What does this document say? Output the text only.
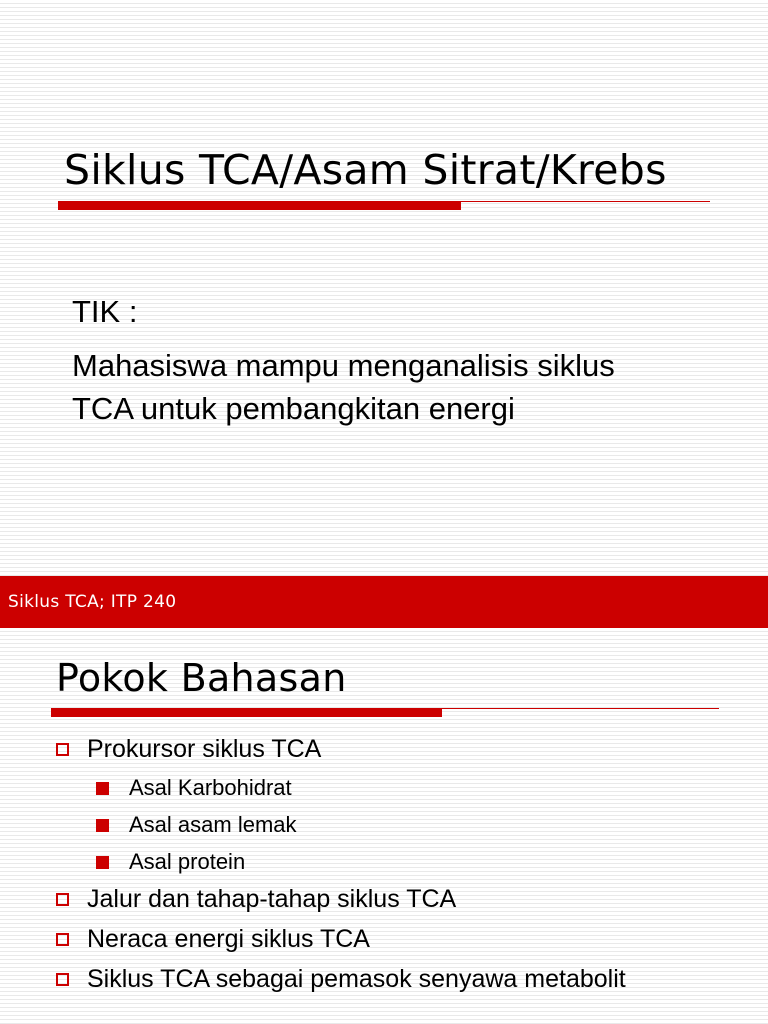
Siklus TCA/Asam Sitrat/Krebs
TIK :
Mahasiswa mampu menganalisis siklus
TCA untuk pembangkitan energi
Siklus TCA; ITP 240
Pokok Bahasan
Prokursor siklus TCA
Asal Karbohidrat
Asal asam lemak
Asal protein
Jalur dan tahap-tahap siklus TCA
Neraca energi siklus TCA
Siklus TCA sebagai pemasok senyawa metabolit
